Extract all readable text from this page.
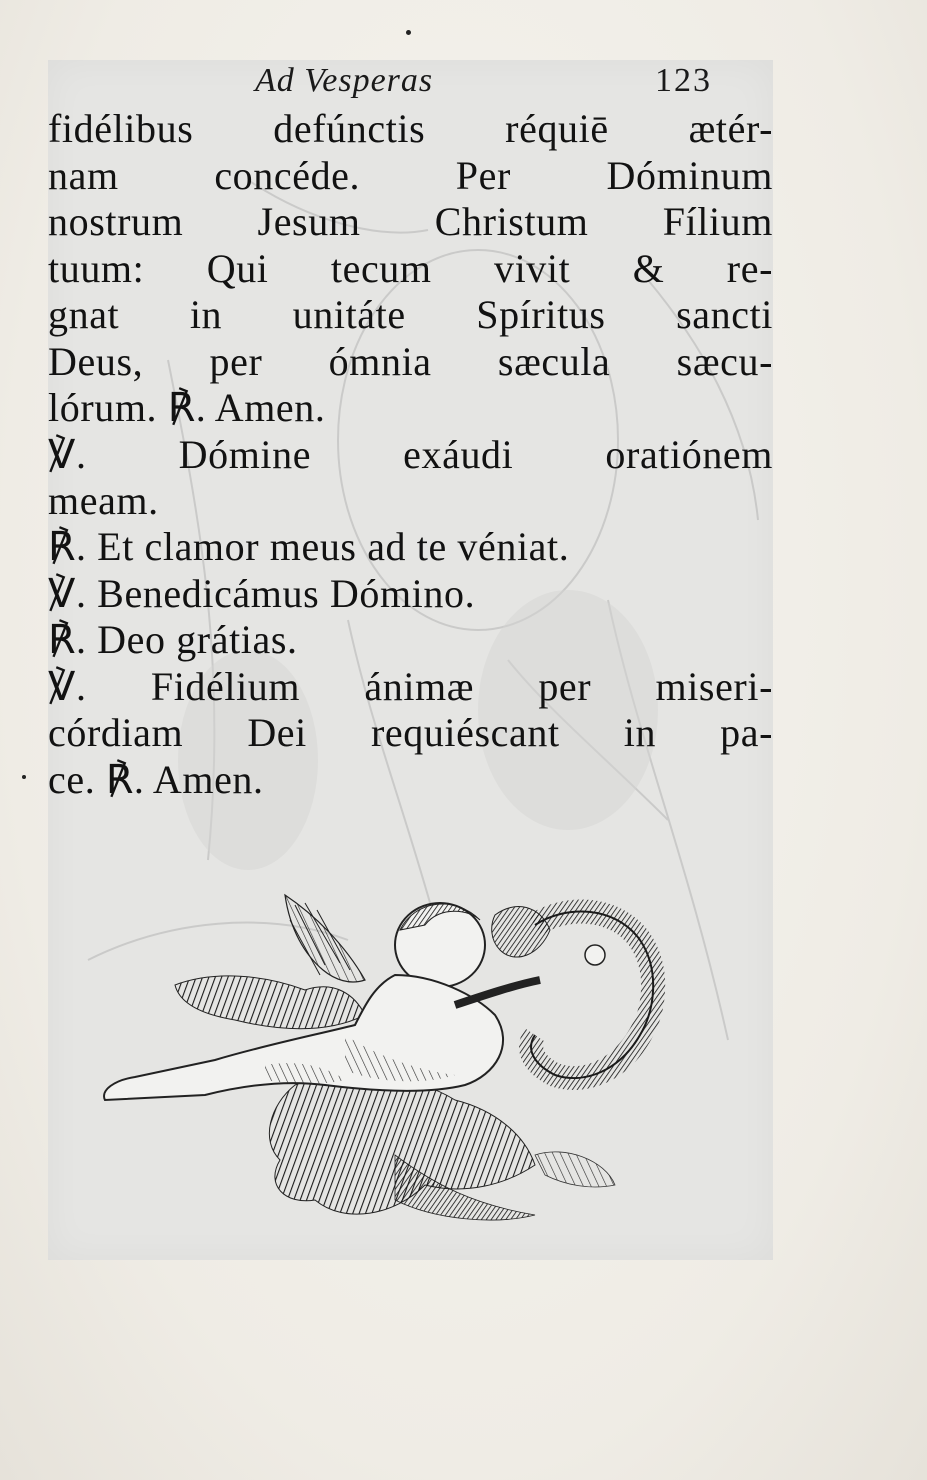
Ad Vesperas	123
fidélibus defúnctis réquiē ætér-
nam concéde. Per Dóminum
nostrum Jesum Christum Fílium
tuum: Qui tecum vivit & re-
gnat in unitáte Spíritus sancti
Deus, per ómnia sæcula sæcu-
lórum. ℟. Amen.
℣. Dómine exáudi oratiónem
meam.
℟. Et clamor meus ad te véniat.
℣. Benedicámus Dómino.
℟. Deo grátias.
℣. Fidélium ánimæ per miseri-
córdiam Dei requiéscant in pa-
ce. ℟. Amen.
